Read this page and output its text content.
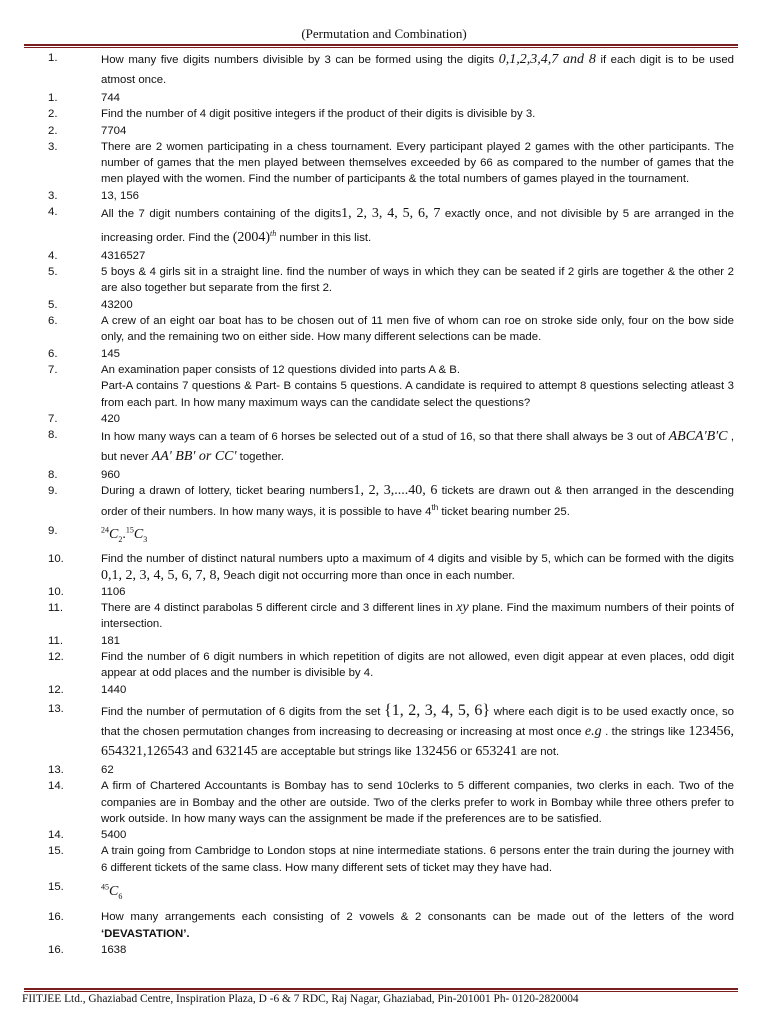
(Permutation and Combination)
1.	How many five digits numbers divisible by 3 can be formed using the digits 0,1,2,3,4,7 and 8 if each digit is to be used atmost once.
1.	744
2.	Find the number of 4 digit positive integers if the product of their digits is divisible by 3.
2.	7704
3.	There are 2 women participating in a chess tournament. Every participant played 2 games with the other participants. The number of games that the men played between themselves exceeded by 66 as compared to the number of games that the men played with the women. Find the number of participants & the total numbers of games played in the tournament.
3.	13, 156
4.	All the 7 digit numbers containing of the digits1, 2, 3, 4, 5, 6, 7 exactly once, and not divisible by 5 are arranged in the increasing order. Find the $(2004)^{th}$ number in this list.
4.	4316527
5.	5 boys & 4 girls sit in a straight line. find the number of ways in which they can be seated if 2 girls are together & the other 2 are also together but separate from the first 2.
5.	43200
6.	A crew of an eight oar boat has to be chosen out of 11 men five of whom can roe on stroke side only, four on the bow side only, and the remaining two on either side. How many different selections can be made.
6.	145
7.	An examination paper consists of 12 questions divided into parts A & B.
Part-A contains 7 questions & Part- B contains 5 questions. A candidate is required to attempt 8 questions selecting atleast 3 from each part. In how many maximum ways can the candidate select the questions?
7.	420
8.	In how many ways can a team of 6 horses be selected out of a stud of 16, so that there shall always be 3 out of ABCA'B'C , but never AA' BB' or CC' together.
8.	960
9.	During a drawn of lottery, ticket bearing numbers1, 2, 3,....40, 6 tickets are drawn out & then arranged in the descending order of their numbers. In how many ways, it is possible to have 4th ticket bearing number 25.
9.	$^{24}C_2.^{15}C_3$
10.	Find the number of distinct natural numbers upto a maximum of 4 digits and visible by 5, which can be formed with the digits 0,1, 2, 3, 4, 5, 6, 7, 8, 9each digit not occurring more than once in each number.
10.	1106
11.	There are 4 distinct parabolas 5 different circle and 3 different lines in xy plane. Find the maximum numbers of their points of intersection.
11.	181
12.	Find the number of 6 digit numbers in which repetition of digits are not allowed, even digit appear at even places, odd digit appear at odd places and the number is divisible by 4.
12.	1440
13.	Find the number of permutation of 6 digits from the set {1, 2, 3, 4, 5, 6} where each digit is to be used exactly once, so that the chosen permutation changes from increasing to decreasing or increasing at most once e.g . the strings like 123456, 654321,126543 and 632145 are acceptable but strings like 132456 or 653241 are not.
13.	62
14.	A firm of Chartered Accountants is Bombay has to send 10clerks to 5 different companies, two clerks in each. Two of the companies are in Bombay and the other are outside. Two of the clerks prefer to work in Bombay while three others prefer to work outside. In how many ways can the assignment be made if the preferences are to be satisfied.
14.	5400
15.	A train going from Cambridge to London stops at nine intermediate stations. 6 persons enter the train during the journey with 6 different tickets of the same class. How many different sets of ticket may they have had.
15.	$^{45}C_6$
16.	How many arrangements each consisting of 2 vowels & 2 consonants can be made out of the letters of the word ‘DEVASTATION’.
16.	1638
FIITJEE Ltd., Ghaziabad Centre, Inspiration Plaza, D -6 & 7 RDC, Raj Nagar, Ghaziabad, Pin-201001 Ph- 0120-2820004
